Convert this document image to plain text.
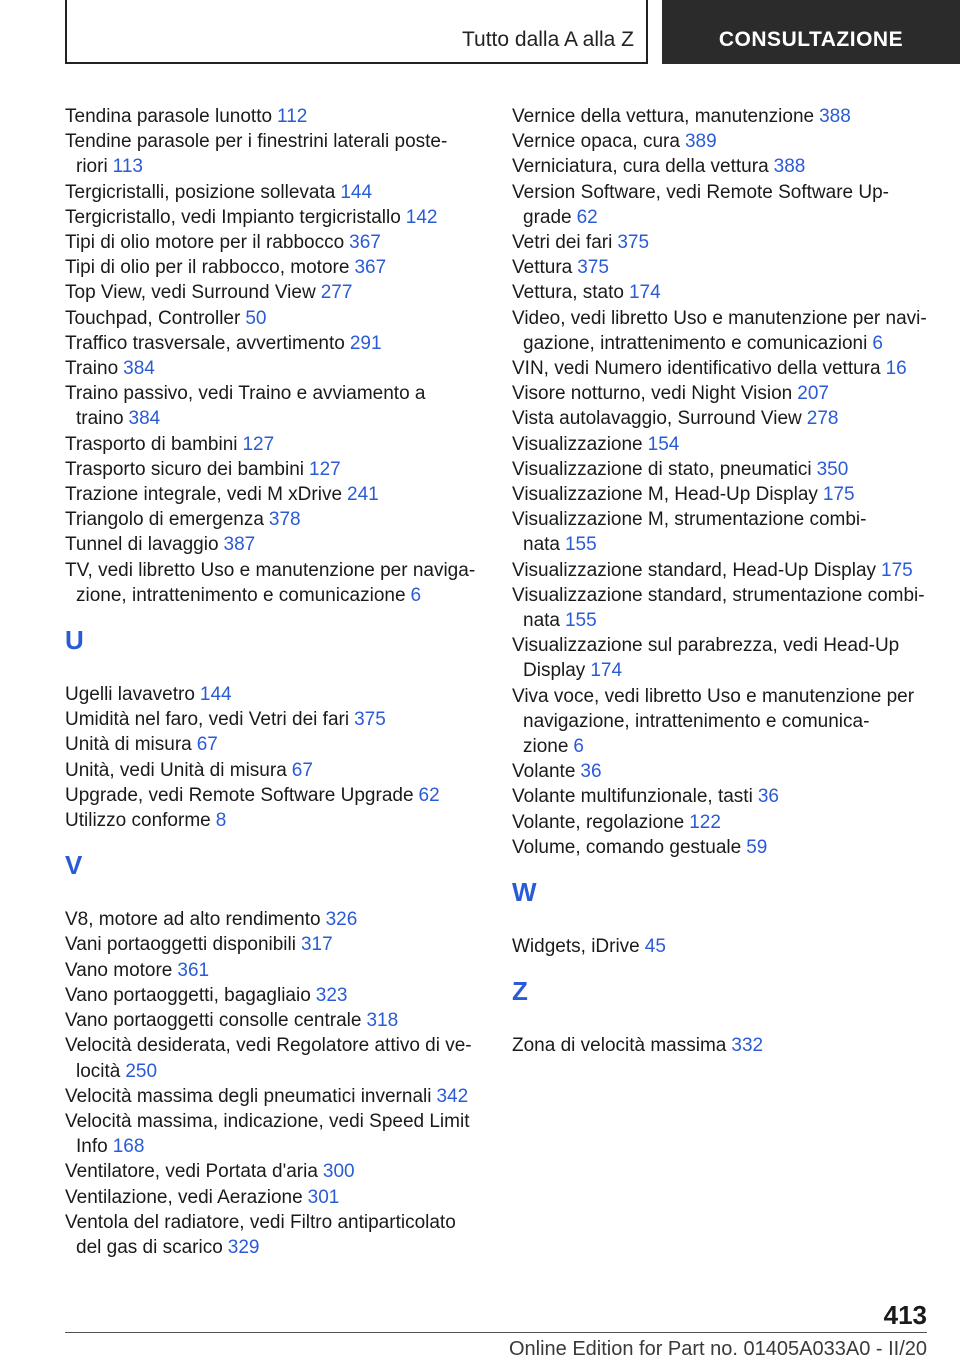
Tutto dalla A alla Z	CONSULTAZIONE
Tendina parasole lunotto 112
Tendine parasole per i finestrini laterali poste-
riori 113
Tergicristalli, posizione sollevata 144
Tergicristallo, vedi Impianto tergicristallo 142
Tipi di olio motore per il rabbocco 367
Tipi di olio per il rabbocco, motore 367
Top View, vedi Surround View 277
Touchpad, Controller 50
Traffico trasversale, avvertimento 291
Traino 384
Traino passivo, vedi Traino e avviamento a
traino 384
Trasporto di bambini 127
Trasporto sicuro dei bambini 127
Trazione integrale, vedi M xDrive 241
Triangolo di emergenza 378
Tunnel di lavaggio 387
TV, vedi libretto Uso e manutenzione per naviga-
zione, intrattenimento e comunicazione 6
U
Ugelli lavavetro 144
Umidità nel faro, vedi Vetri dei fari 375
Unità di misura 67
Unità, vedi Unità di misura 67
Upgrade, vedi Remote Software Upgrade 62
Utilizzo conforme 8
V
V8, motore ad alto rendimento 326
Vani portaoggetti disponibili 317
Vano motore 361
Vano portaoggetti, bagagliaio 323
Vano portaoggetti consolle centrale 318
Velocità desiderata, vedi Regolatore attivo di ve-
locità 250
Velocità massima degli pneumatici invernali 342
Velocità massima, indicazione, vedi Speed Limit
Info 168
Ventilatore, vedi Portata d'aria 300
Ventilazione, vedi Aerazione 301
Ventola del radiatore, vedi Filtro antiparticolato
del gas di scarico 329
Vernice della vettura, manutenzione 388
Vernice opaca, cura 389
Verniciatura, cura della vettura 388
Version Software, vedi Remote Software Up-
grade 62
Vetri dei fari 375
Vettura 375
Vettura, stato 174
Video, vedi libretto Uso e manutenzione per navi-
gazione, intrattenimento e comunicazioni 6
VIN, vedi Numero identificativo della vettura 16
Visore notturno, vedi Night Vision 207
Vista autolavaggio, Surround View 278
Visualizzazione 154
Visualizzazione di stato, pneumatici 350
Visualizzazione M, Head-Up Display 175
Visualizzazione M, strumentazione combi-
nata 155
Visualizzazione standard, Head-Up Display 175
Visualizzazione standard, strumentazione combi-
nata 155
Visualizzazione sul parabrezza, vedi Head-Up
Display 174
Viva voce, vedi libretto Uso e manutenzione per
navigazione, intrattenimento e comunica-
zione 6
Volante 36
Volante multifunzionale, tasti 36
Volante, regolazione 122
Volume, comando gestuale 59
W
Widgets, iDrive 45
Z
Zona di velocità massima 332
413
Online Edition for Part no. 01405A033A0 - II/20
